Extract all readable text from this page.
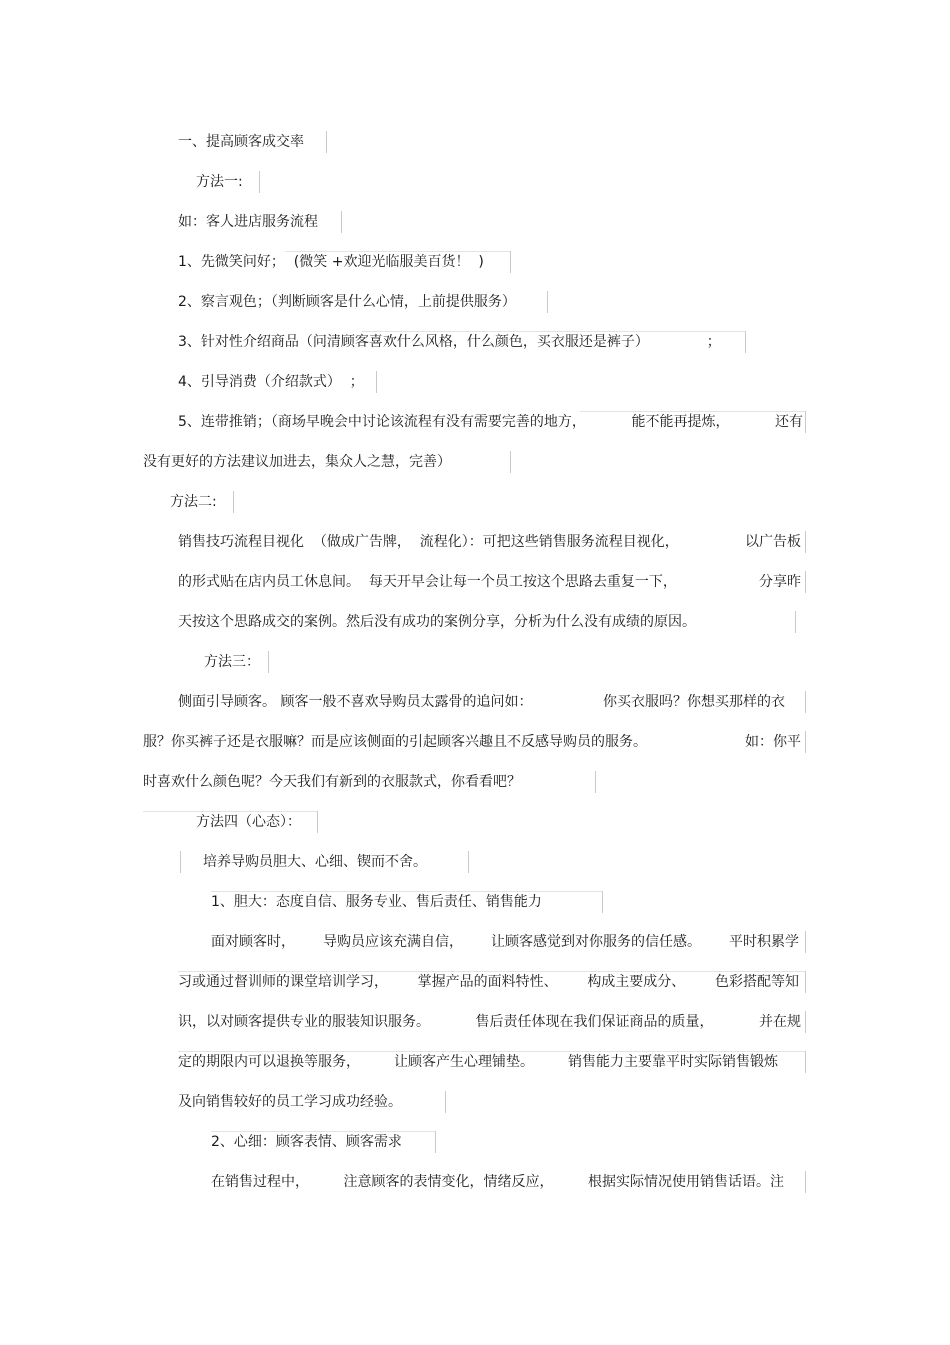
一、提高顾客成交率
方法一:
如：客人进店服务流程
1、先微笑问好；  (微笑 +欢迎光临服美百货！  )
2、察言观色；（判断顾客是什么心情，上前提供服务）
3、针对性介绍商品（问清顾客喜欢什么风格，什么颜色，买衣服还是裤子）             ；
4、引导消费（介绍款式）  ；
5、连带推销；（商场早晚会中讨论该流程有没有需要完善的地方，	能不能再提炼，	还有
没有更好的方法建议加进去，集众人之慧，完善）
方法二:
销售技巧流程目视化  （做成广告牌，  流程化）：可把这些销售服务流程目视化，	以广告板
的形式贴在店内员工休息间。  每天开早会让每一个员工按这个思路去重复一下，	分享昨
天按这个思路成交的案例。然后没有成功的案例分享，分析为什么没有成绩的原因。
方法三：
侧面引导顾客。 顾客一般不喜欢导购员太露骨的追问如：	你买衣服吗？你想买那样的衣
服？你买裤子还是衣服嘛？而是应该侧面的引起顾客兴趣且不反感导购员的服务。	如：你平
时喜欢什么颜色呢？今天我们有新到的衣服款式，你看看吧？
方法四（心态）：
培养导购员胆大、心细、锲而不舍。
1、胆大：态度自信、服务专业、售后责任、销售能力
面对顾客时， 导购员应该充满自信， 让顾客感觉到对你服务的信任感。 平时积累学
习或通过督训师的课堂培训学习， 掌握产品的面料特性、 构成主要成分、 色彩搭配等知
识，以对顾客提供专业的服装知识服务。	售后责任体现在我们保证商品的质量，	并在规
定的期限内可以退换等服务， 让顾客产生心理铺垫。 销售能力主要靠平时实际销售锻炼
及向销售较好的员工学习成功经验。
2、心细：顾客表情、顾客需求
在销售过程中， 注意顾客的表情变化，情绪反应， 根据实际情况使用销售话语。注
